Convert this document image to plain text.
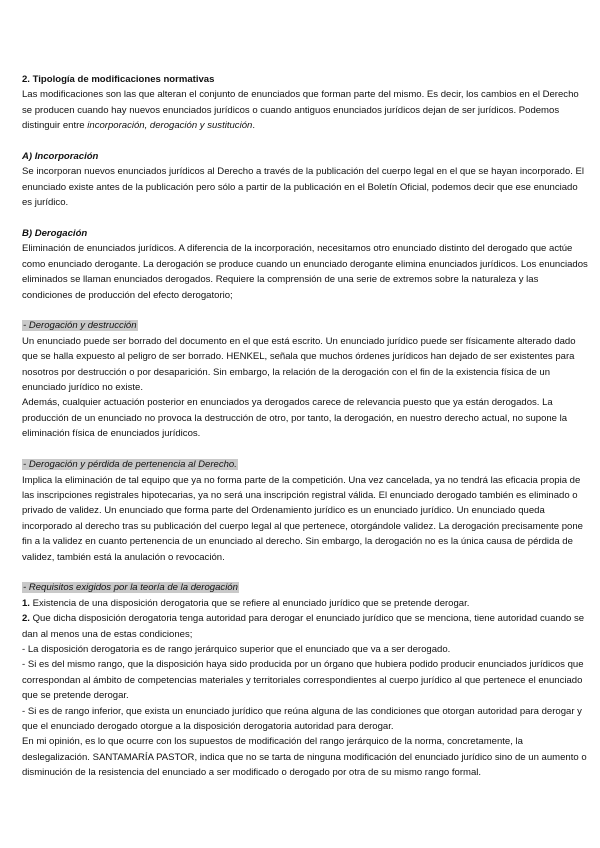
2. Tipología de modificaciones normativas

Las modificaciones son las que alteran el conjunto de enunciados que forman parte del mismo. Es decir, los cambios en el Derecho se producen cuando hay nuevos enunciados jurídicos o cuando antiguos enunciados jurídicos dejan de ser jurídicos. Podemos distinguir entre incorporación, derogación y sustitución.

A) Incorporación

Se incorporan nuevos enunciados jurídicos al Derecho a través de la publicación del cuerpo legal en el que se hayan incorporado. El enunciado existe antes de la publicación pero sólo a partir de la publicación en el Boletín Oficial, podemos decir que ese enunciado es jurídico.

B) Derogación

Eliminación de enunciados jurídicos. A diferencia de la incorporación, necesitamos otro enunciado distinto del derogado que actúe como enunciado derogante. La derogación se produce cuando un enunciado derogante elimina enunciados jurídicos. Los enunciados eliminados se llaman enunciados derogados. Requiere la comprensión de una serie de extremos sobre la naturaleza y las condiciones de producción del efecto derogatorio;

- Derogación y destrucción

Un enunciado puede ser borrado del documento en el que está escrito. Un enunciado jurídico puede ser físicamente alterado dado que se halla expuesto al peligro de ser borrado. HENKEL, señala que muchos órdenes jurídicos han dejado de ser existentes para nosotros por destrucción o por desaparición. Sin embargo, la relación de la derogación con el fin de la existencia física de un enunciado jurídico no existe.

Además, cualquier actuación posterior en enunciados ya derogados carece de relevancia puesto que ya están derogados. La producción de un enunciado no provoca la destrucción de otro, por tanto, la derogación, en nuestro derecho actual, no supone la eliminación física de enunciados jurídicos.

- Derogación y pérdida de pertenencia al Derecho.

Implica la eliminación de tal equipo que ya no forma parte de la competición. Una vez cancelada, ya no tendrá las eficacia propia de las inscripciones registrales hipotecarias, ya no será una inscripción registral válida. El enunciado derogado también es eliminado o privado de validez. Un enunciado que forma parte del Ordenamiento jurídico es un enunciado jurídico. Un enunciado queda incorporado al derecho tras su publicación del cuerpo legal al que pertenece, otorgándole validez. La derogación precisamente pone fin a la validez en cuanto pertenencia de un enunciado al derecho. Sin embargo, la derogación no es la única causa de pérdida de validez, también está la anulación o revocación.

- Requisitos exigidos por la teoría de la derogación

1. Existencia de una disposición derogatoria que se refiere al enunciado jurídico que se pretende derogar.

2. Que dicha disposición derogatoria tenga autoridad para derogar el enunciado jurídico que se menciona, tiene autoridad cuando se dan al menos una de estas condiciones;

- La disposición derogatoria es de rango jerárquico superior que el enunciado que va a ser derogado.

- Si es del mismo rango, que la disposición haya sido producida por un órgano que hubiera podido producir enunciados jurídicos que correspondan al ámbito de competencias materiales y territoriales correspondientes al cuerpo jurídico al que pertenece el enunciado que se pretende derogar.

- Si es de rango inferior, que exista un enunciado jurídico que reúna alguna de las condiciones que otorgan autoridad para derogar y que el enunciado derogado otorgue a la disposición derogatoria autoridad para derogar.

En mi opinión, es lo que ocurre con los supuestos de modificación del rango jerárquico de la norma, concretamente, la deslegalización. SANTAMARÍA PASTOR, indica que no se tarta de ninguna modificación del enunciado jurídico sino de un aumento o disminución de la resistencia del enunciado a ser modificado o derogado por otra de su mismo rango formal.
